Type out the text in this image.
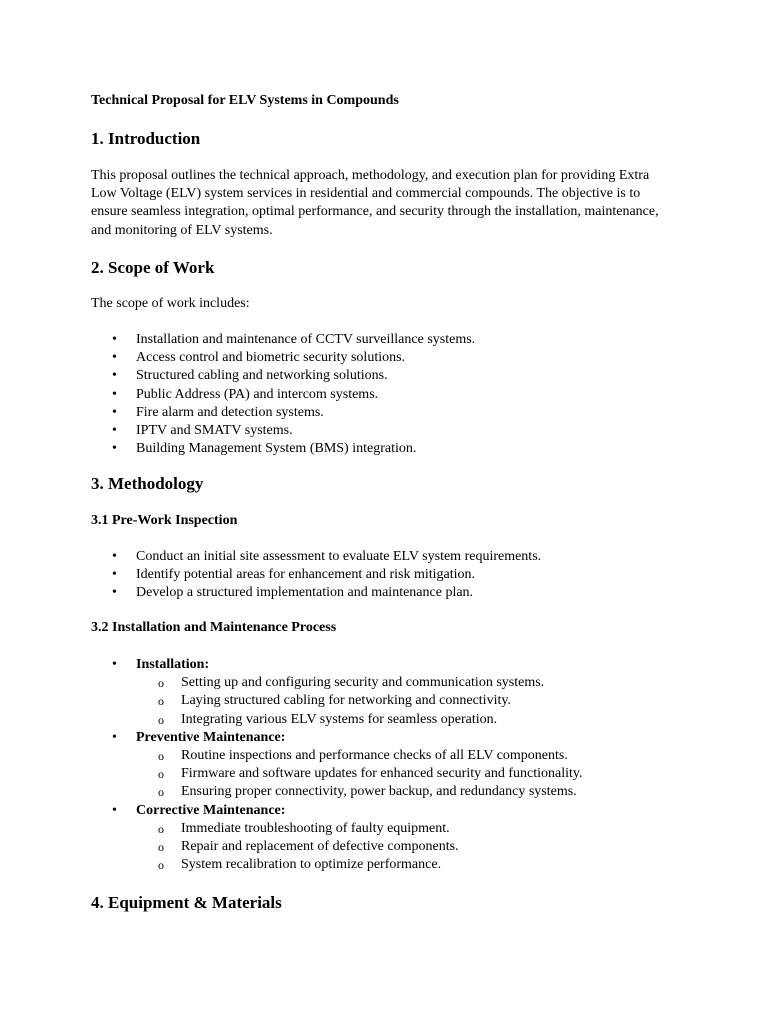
Technical Proposal for ELV Systems in Compounds
1. Introduction

This proposal outlines the technical approach, methodology, and execution plan for providing Extra Low Voltage (ELV) system services in residential and commercial compounds. The objective is to ensure seamless integration, optimal performance, and security through the installation, maintenance, and monitoring of ELV systems.

2. Scope of Work

The scope of work includes:

• Installation and maintenance of CCTV surveillance systems.
• Access control and biometric security solutions.
• Structured cabling and networking solutions.
• Public Address (PA) and intercom systems.
• Fire alarm and detection systems.
• IPTV and SMATV systems.
• Building Management System (BMS) integration.
3. Methodology
3.1 Pre-Work Inspection
• Conduct an initial site assessment to evaluate ELV system requirements.
• Identify potential areas for enhancement and risk mitigation.
• Develop a structured implementation and maintenance plan.
3.2 Installation and Maintenance Process
• Installation:
o Setting up and configuring security and communication systems.
o Laying structured cabling for networking and connectivity.
o Integrating various ELV systems for seamless operation.
• Preventive Maintenance:
o Routine inspections and performance checks of all ELV components.
o Firmware and software updates for enhanced security and functionality.
o Ensuring proper connectivity, power backup, and redundancy systems.
• Corrective Maintenance:
o Immediate troubleshooting of faulty equipment.
o Repair and replacement of defective components.
o System recalibration to optimize performance.
4. Equipment & Materials
